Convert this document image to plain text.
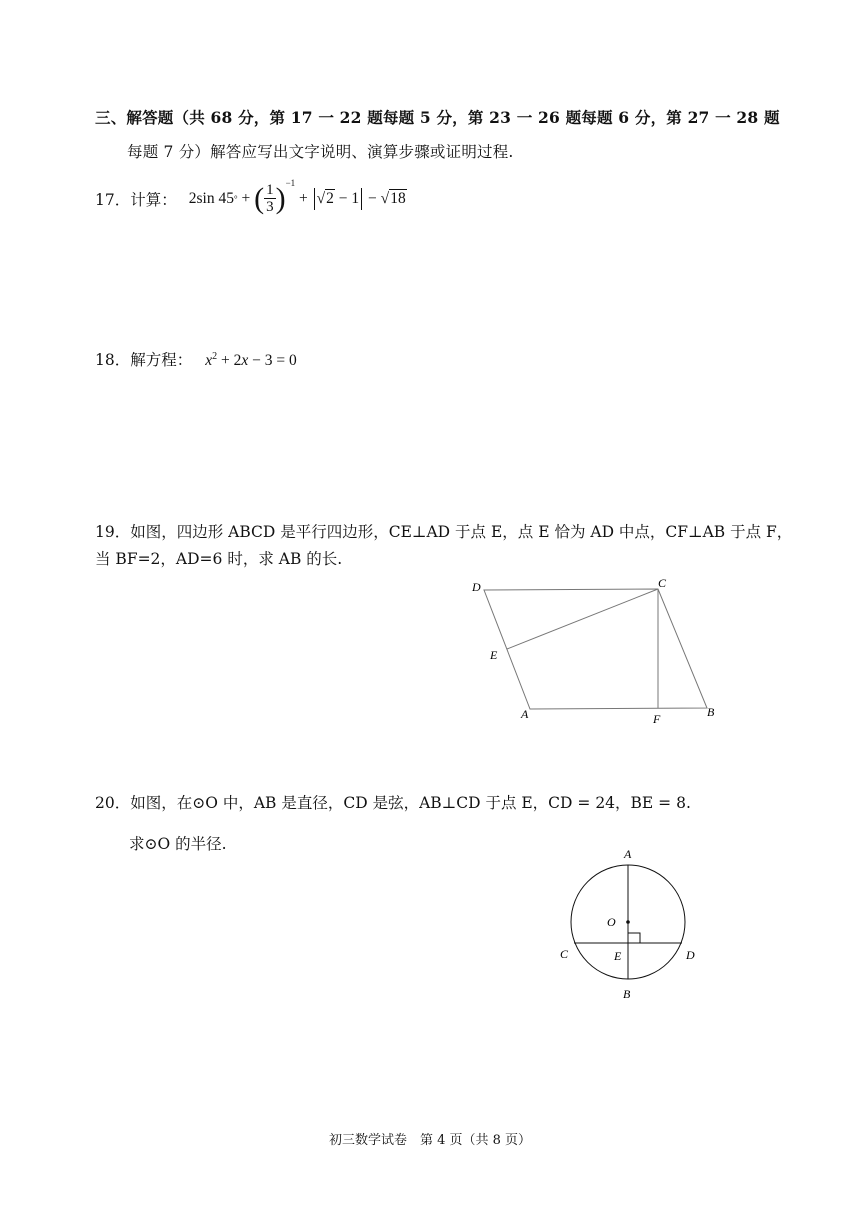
三、解答题（共 68 分，第 17 一 22 题每题 5 分，第 23 一 26 题每题 6 分，第 27 一 28 题
每题 7 分）解答应写出文字说明、演算步骤或证明过程.
17． 计算： 2sin 45 ° + ( $\frac{1}{3}$ ) −1
+ √2 − 1 − √18
18．解方程： $x^2 + 2x - 3 = 0$
19．如图，四边形 ABCD 是平行四边形，CE⊥AD 于点 E，点 E 恰为 AD 中点，CF⊥AB 于点 F，
当 BF=2，AD=6 时，求 AB 的长.
D	C
E
A	F	B
20．如图，在⊙O 中，AB 是直径，CD 是弦，AB⊥CD 于点 E，CD = 24，BE = 8.
求⊙O 的半径.
A
O
C	E	D
B
初三数学试卷　第 4 页（共 8 页）
